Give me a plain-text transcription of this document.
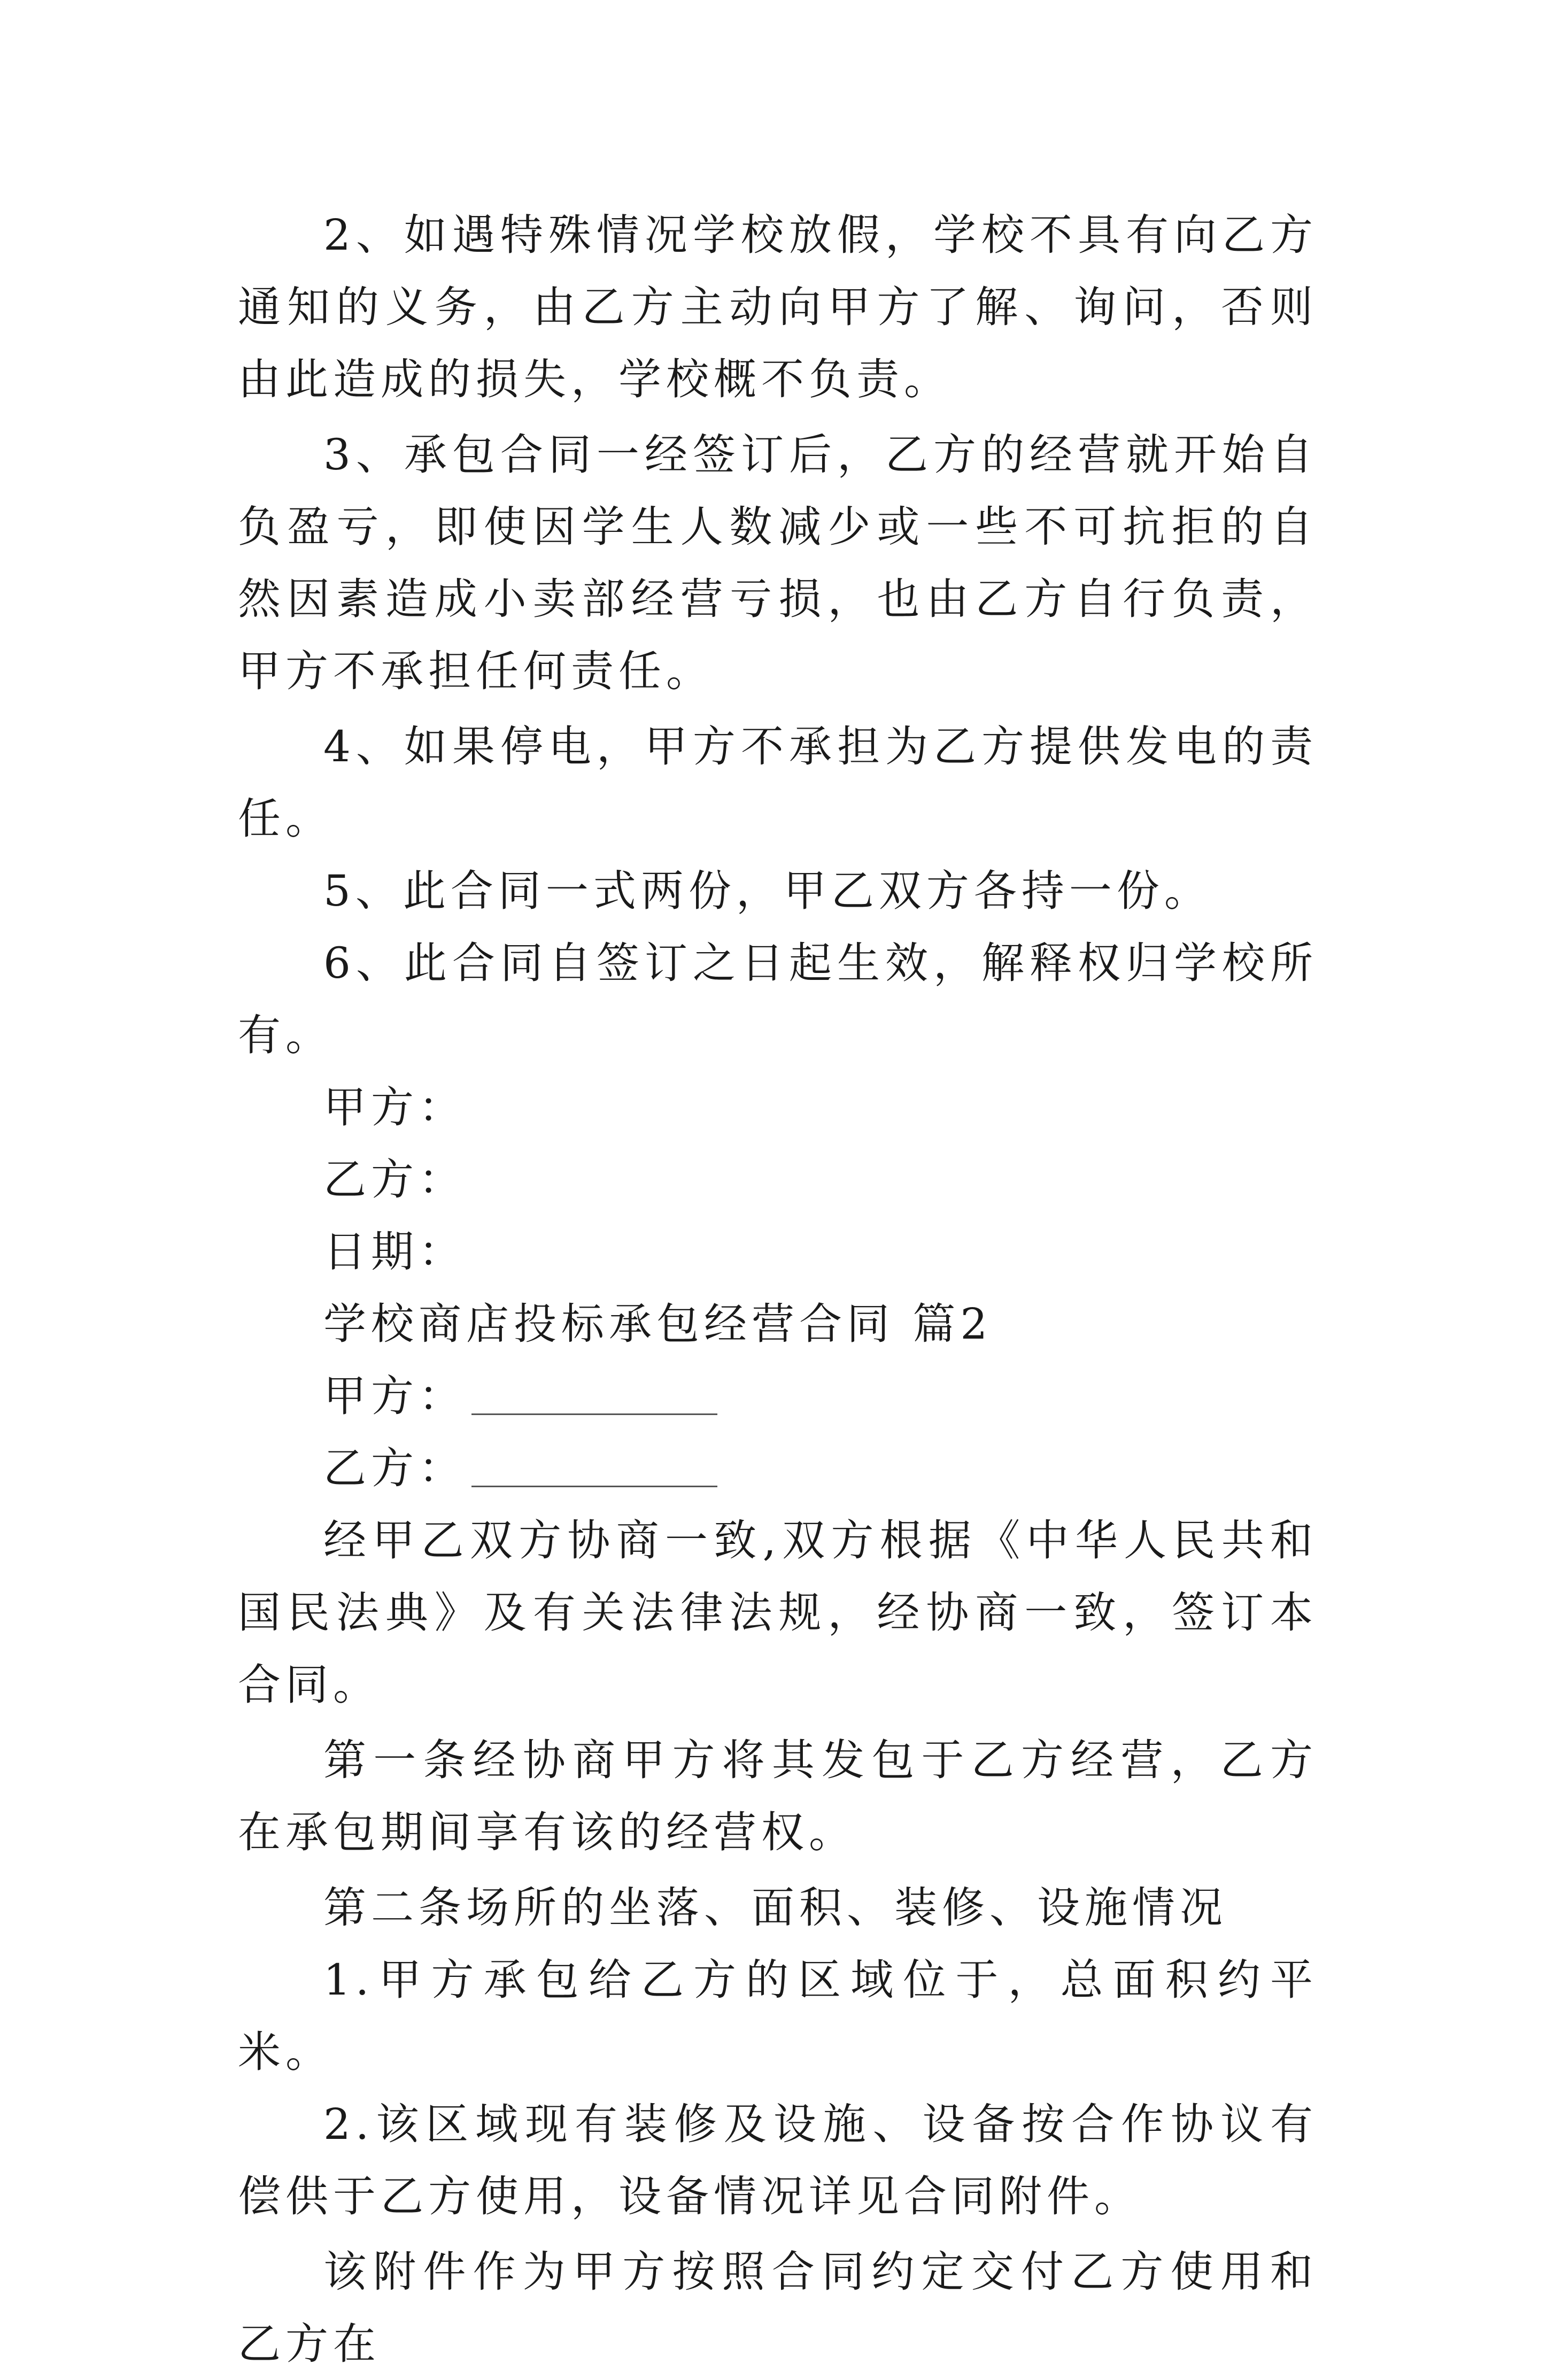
2、如遇特殊情况学校放假，学校不具有向乙方通知的义务，由乙方主动向甲方了解、询问，否则由此造成的损失，学校概不负责。

3、承包合同一经签订后，乙方的经营就开始自负盈亏，即使因学生人数减少或一些不可抗拒的自然因素造成小卖部经营亏损，也由乙方自行负责，甲方不承担任何责任。

4、如果停电，甲方不承担为乙方提供发电的责任。

5、此合同一式两份，甲乙双方各持一份。

6、此合同自签订之日起生效，解释权归学校所有。

甲方：

乙方：

日期：

学校商店投标承包经营合同 篇2

甲方：

乙方：

经甲乙双方协商一致,双方根据《中华人民共和国民法典》及有关法律法规，经协商一致，签订本合同。

第一条经协商甲方将其发包于乙方经营，乙方在承包期间享有该的经营权。

第二条场所的坐落、面积、装修、设施情况

1.甲方承包给乙方的区域位于，总面积约平米。

2.该区域现有装修及设施、设备按合作协议有偿供于乙方使用，设备情况详见合同附件。

该附件作为甲方按照合同约定交付乙方使用和乙方在
